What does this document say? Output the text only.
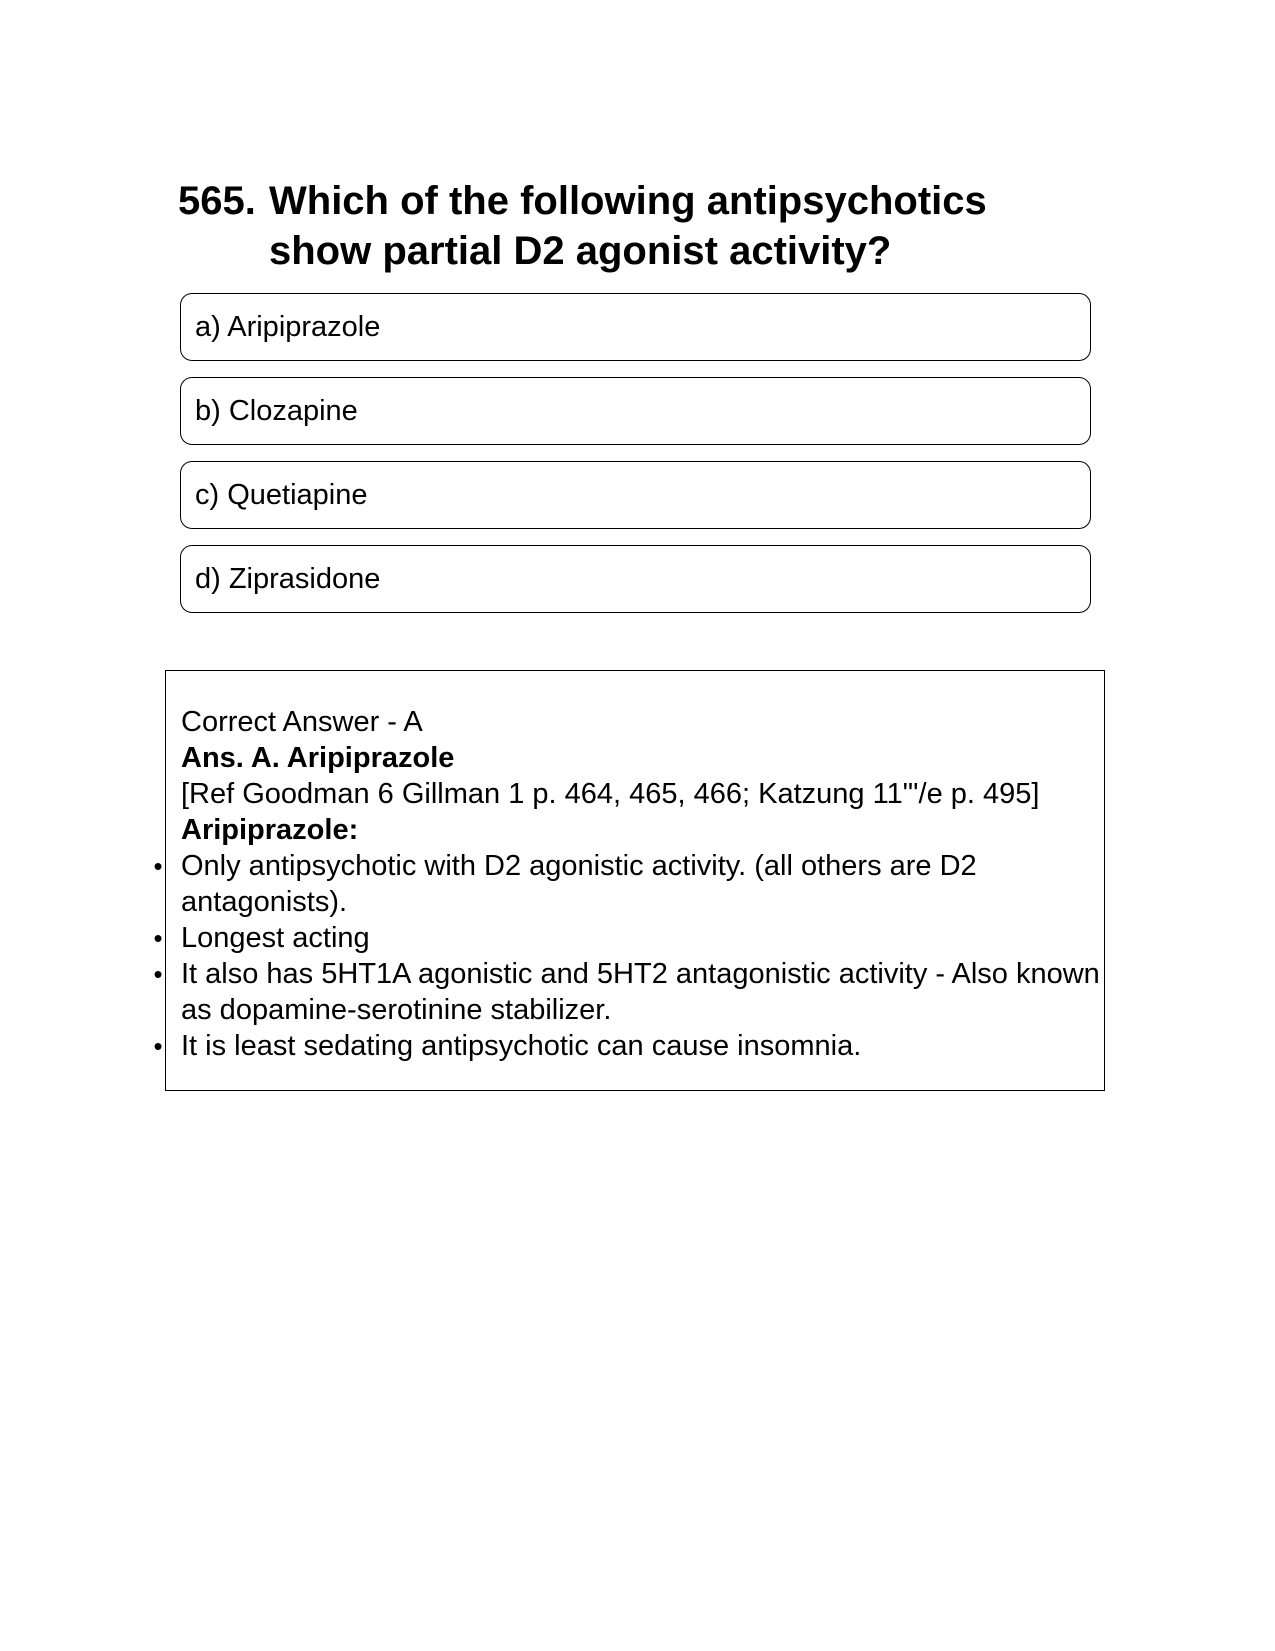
565. Which of the following antipsychotics show partial D2 agonist activity?
a) Aripiprazole
b) Clozapine
c) Quetiapine
d) Ziprasidone
Correct Answer - A
Ans. A. Aripiprazole
[Ref Goodman 6 Gillman 1 p. 464, 465, 466; Katzung 11"'/e p. 495]
Aripiprazole:
• Only antipsychotic with D2 agonistic activity. (all others are D2 antagonists).
• Longest acting
• It also has 5HT1A agonistic and 5HT2 antagonistic activity - Also known as dopamine-serotinine stabilizer.
• It is least sedating antipsychotic can cause insomnia.
